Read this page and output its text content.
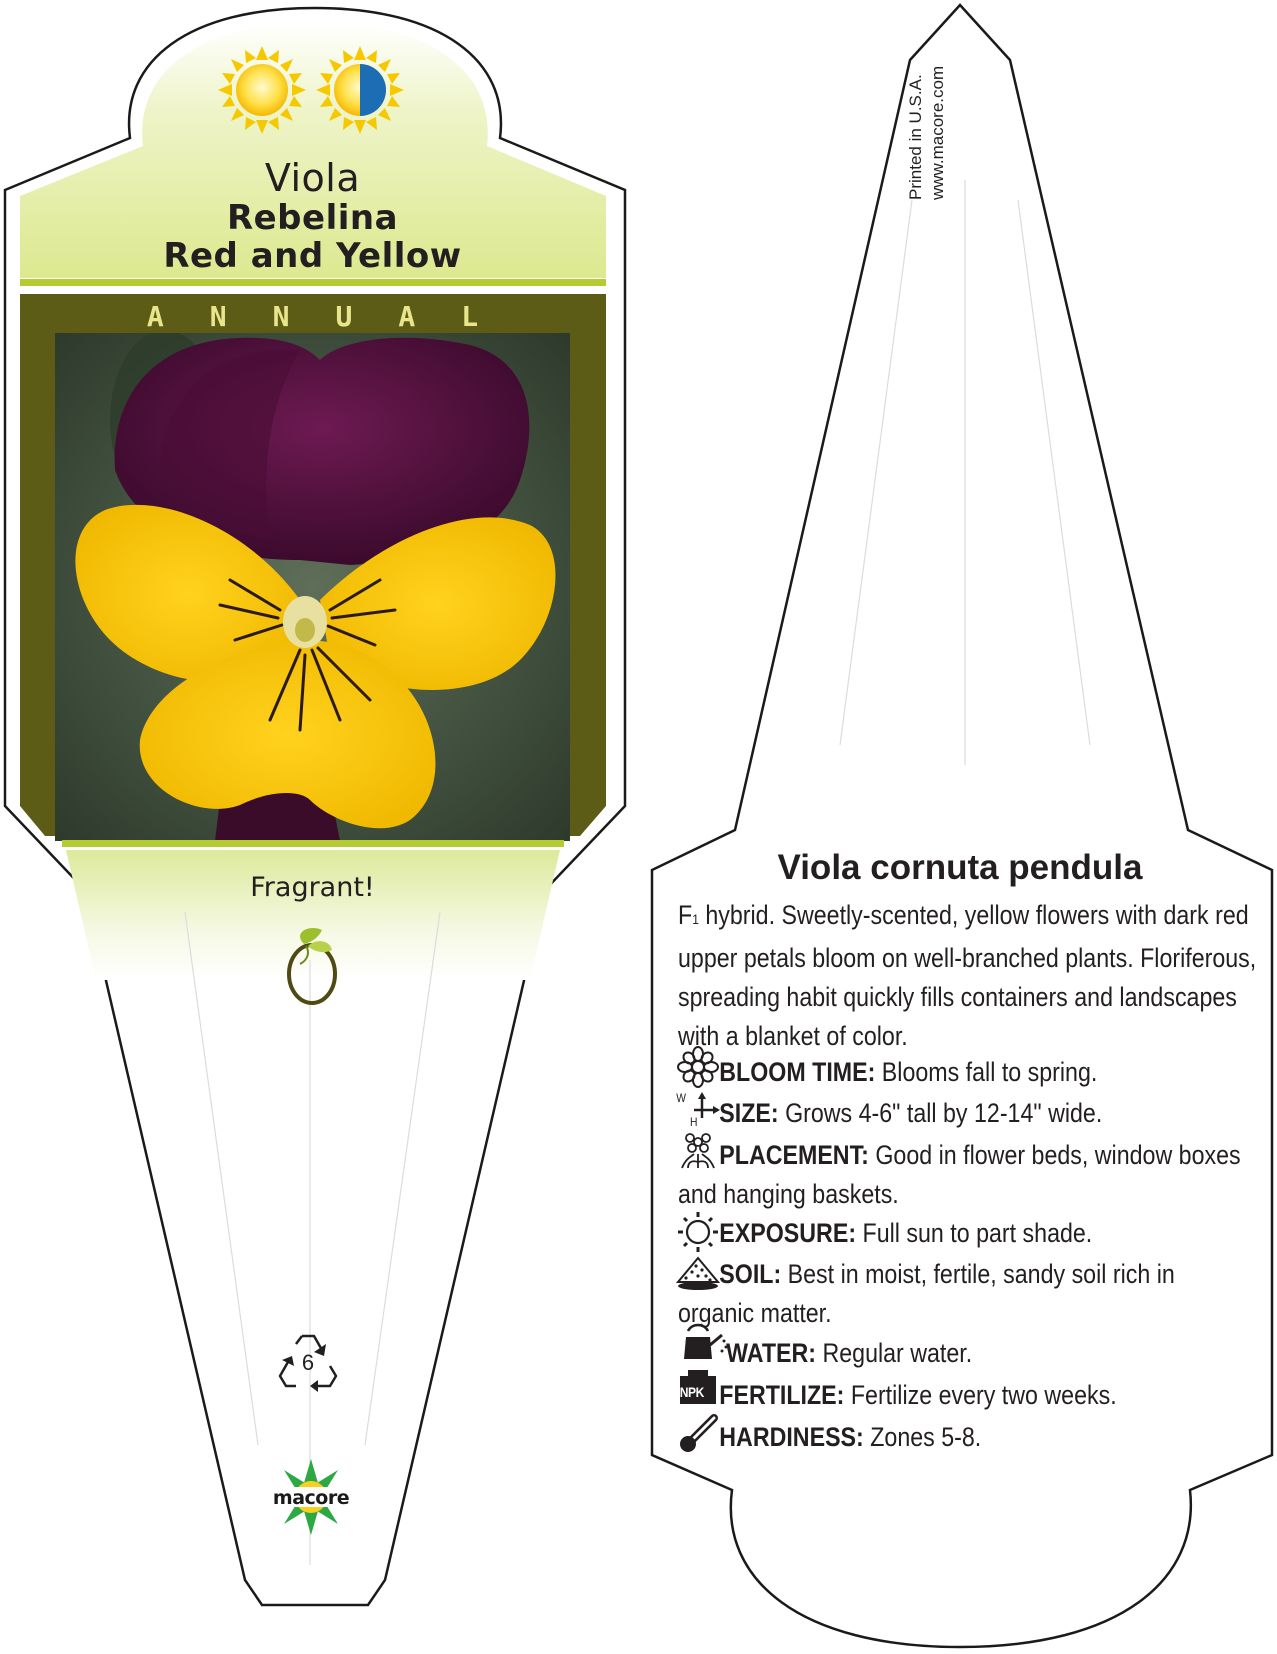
Viola
Rebelina
Red and Yellow
ANNUAL
Fragrant!
6
macore
Printed in U.S.A. www.macore.com
Viola cornuta pendula
F1 hybrid. Sweetly-scented, yellow flowers with dark red upper petals bloom on well-branched plants. Floriferous, spreading habit quickly fills containers and landscapes with a blanket of color.
BLOOM TIME: Blooms fall to spring.
W
H SIZE: Grows 4-6" tall by 12-14" wide.
PLACEMENT: Good in flower beds, window boxes and hanging baskets.
EXPOSURE: Full sun to part shade.
SOIL: Best in moist, fertile, sandy soil rich in organic matter.
WATER: Regular water.
NPK FERTILIZE: Fertilize every two weeks.
HARDINESS: Zones 5-8.
